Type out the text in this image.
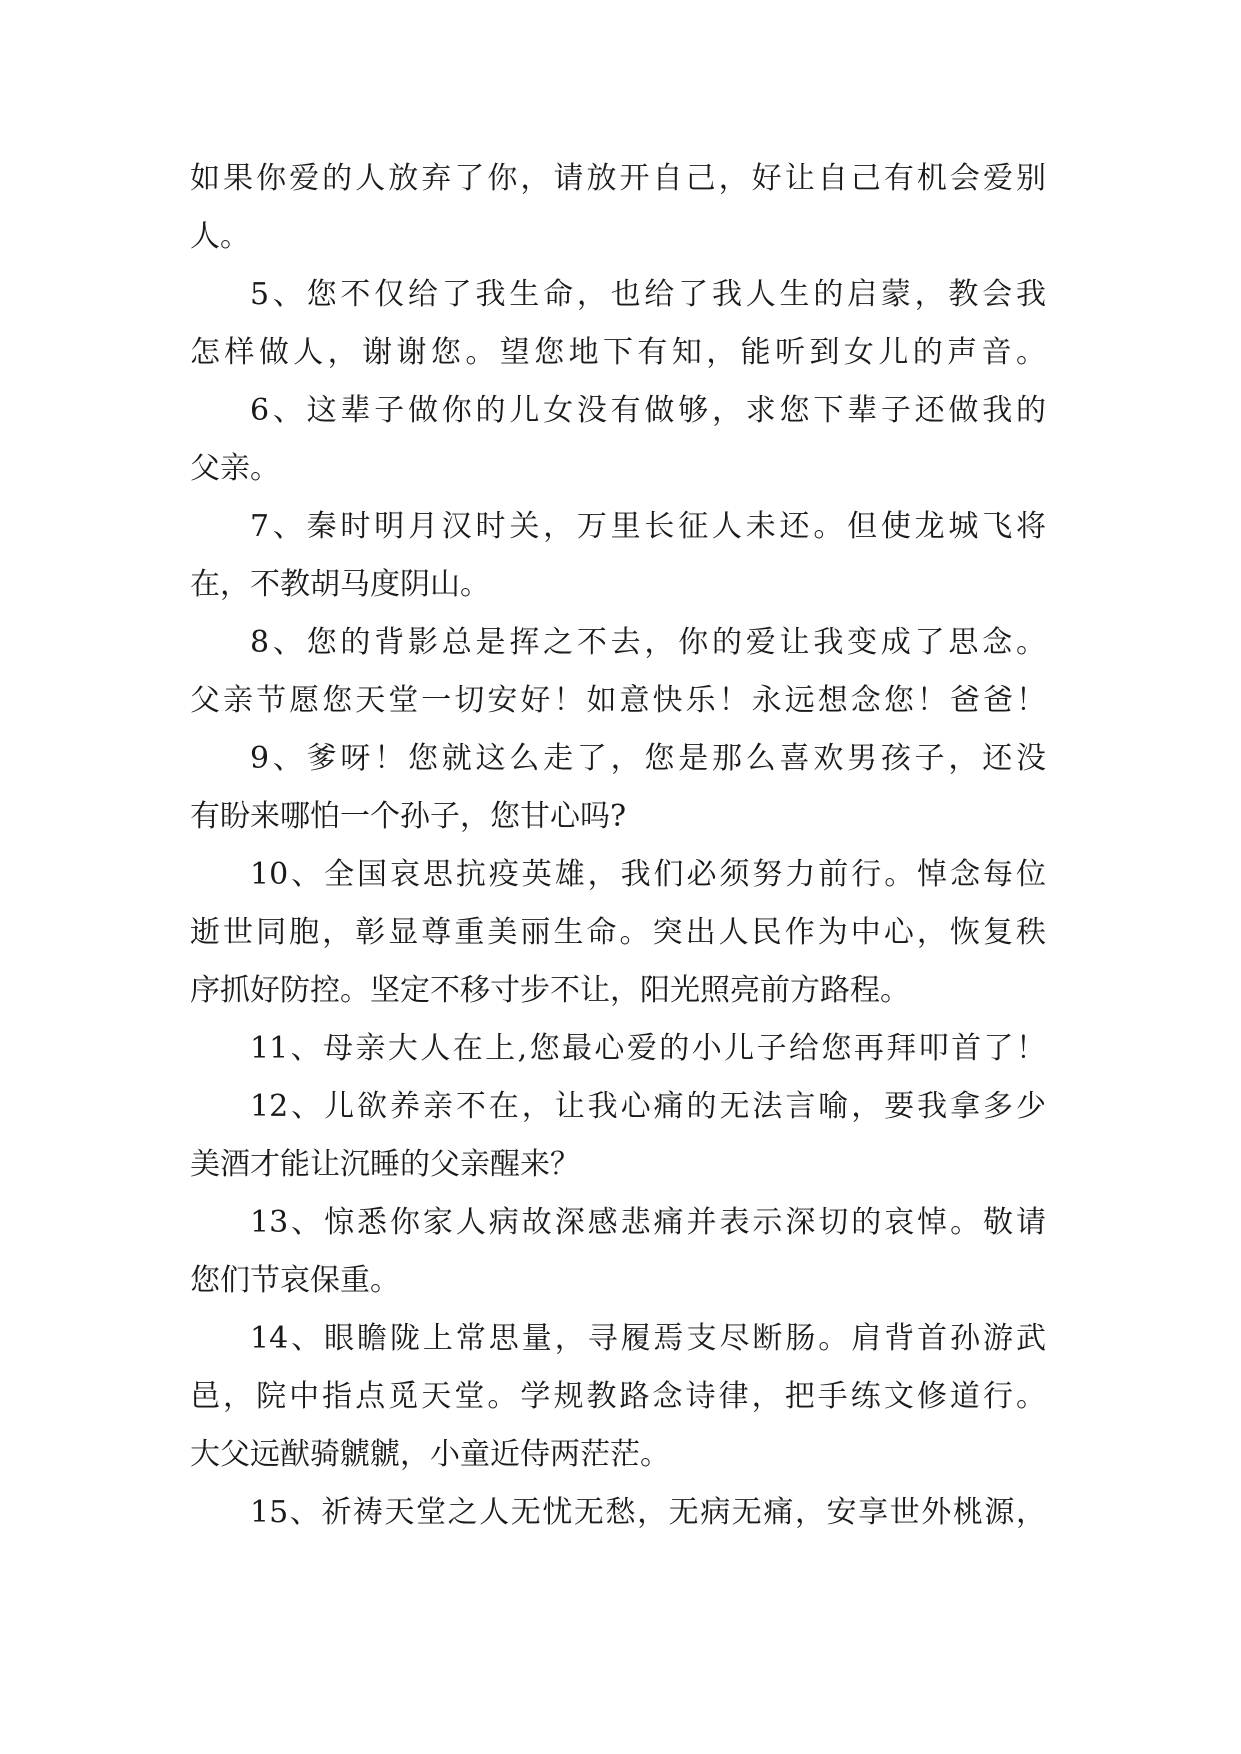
如果你爱的人放弃了你，请放开自己，好让自己有机会爱别
人。
5、您不仅给了我生命，也给了我人生的启蒙，教会我
怎样做人，谢谢您。望您地下有知，能听到女儿的声音。
6、这辈子做你的儿女没有做够，求您下辈子还做我的
父亲。
7、秦时明月汉时关，万里长征人未还。但使龙城飞将
在，不教胡马度阴山。
8、您的背影总是挥之不去，你的爱让我变成了思念。
父亲节愿您天堂一切安好！如意快乐！永远想念您！爸爸！
9、爹呀！您就这么走了，您是那么喜欢男孩子，还没
有盼来哪怕一个孙子，您甘心吗?
10、全国哀思抗疫英雄，我们必须努力前行。悼念每位
逝世同胞，彰显尊重美丽生命。突出人民作为中心，恢复秩
序抓好防控。坚定不移寸步不让，阳光照亮前方路程。
11、母亲大人在上,您最心爱的小儿子给您再拜叩首了！
12、儿欲养亲不在，让我心痛的无法言喻，要我拿多少
美酒才能让沉睡的父亲醒来？
13、惊悉你家人病故深感悲痛并表示深切的哀悼。敬请
您们节哀保重。
14、眼瞻陇上常思量，寻履焉支尽断肠。肩背首孙游武
邑，院中指点觅天堂。学规教路念诗律，把手练文修道行。
大父远猷骑虩虩，小童近侍两茫茫。
15、祈祷天堂之人无忧无愁，无病无痛，安享世外桃源，
